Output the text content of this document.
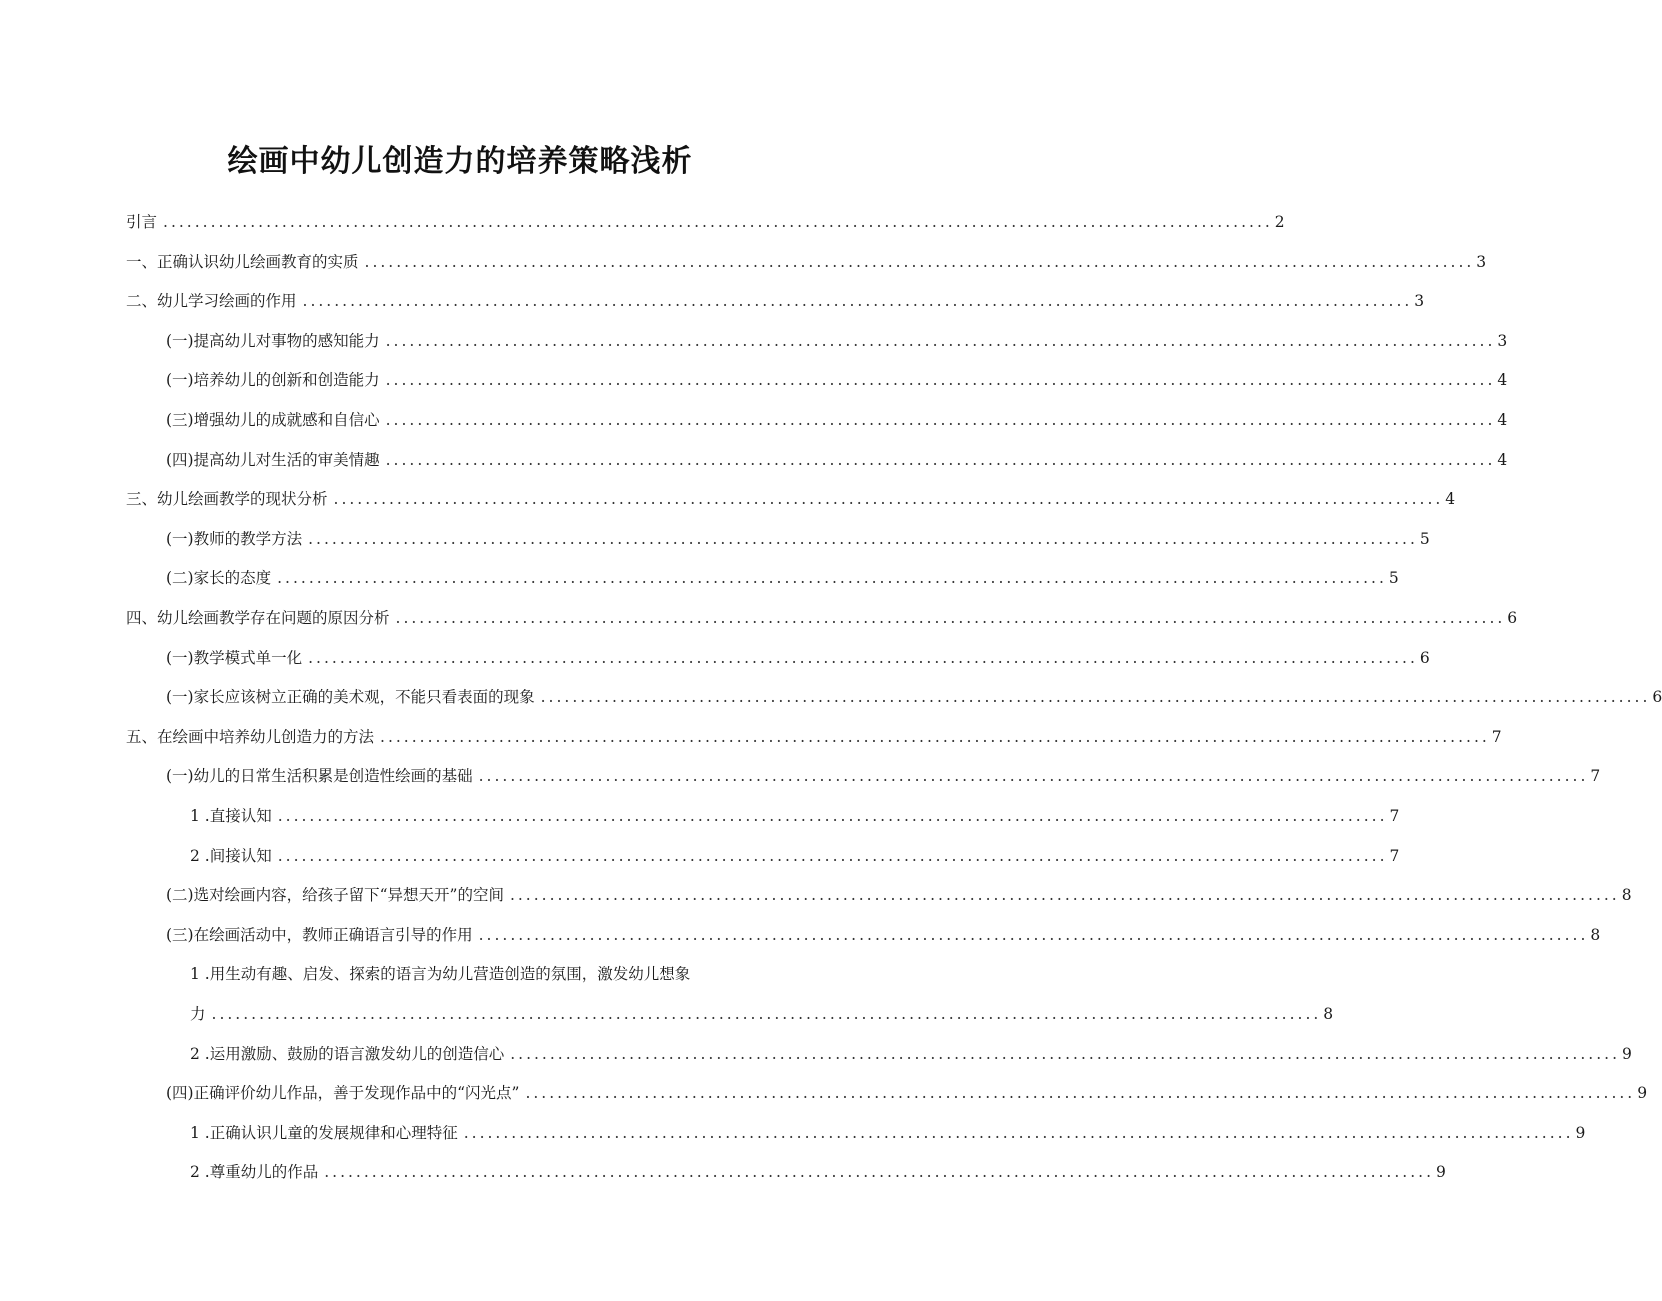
绘画中幼儿创造力的培养策略浅析
引言 ............................................................................................................................................ 2
一、正确认识幼儿绘画教育的实质 ............................................................................................................................................ 3
二、幼儿学习绘画的作用 ............................................................................................................................................ 3
(一)提高幼儿对事物的感知能力 ............................................................................................................................................ 3
(一)培养幼儿的创新和创造能力 ............................................................................................................................................ 4
(三)增强幼儿的成就感和自信心 ............................................................................................................................................ 4
(四)提高幼儿对生活的审美情趣 ............................................................................................................................................ 4
三、幼儿绘画教学的现状分析 ............................................................................................................................................ 4
(一)教师的教学方法 ............................................................................................................................................ 5
(二)家长的态度 ............................................................................................................................................ 5
四、幼儿绘画教学存在问题的原因分析 ............................................................................................................................................ 6
(一)教学模式单一化 ............................................................................................................................................ 6
(一)家长应该树立正确的美术观，不能只看表面的现象 ............................................................................................................................................ 6
五、在绘画中培养幼儿创造力的方法 ............................................................................................................................................ 7
(一)幼儿的日常生活积累是创造性绘画的基础 ............................................................................................................................................ 7
1 .直接认知 ............................................................................................................................................ 7
2 .间接认知 ............................................................................................................................................ 7
(二)选对绘画内容，给孩子留下“异想天开”的空间 ............................................................................................................................................ 8
(三)在绘画活动中，教师正确语言引导的作用 ............................................................................................................................................ 8
1 .用生动有趣、启发、探索的语言为幼儿营造创造的氛围，激发幼儿想象
力 ............................................................................................................................................ 8
2 .运用激励、鼓励的语言激发幼儿的创造信心 ............................................................................................................................................ 9
(四)正确评价幼儿作品，善于发现作品中的“闪光点” ............................................................................................................................................ 9
1 .正确认识儿童的发展规律和心理特征 ............................................................................................................................................ 9
2 .尊重幼儿的作品 ............................................................................................................................................ 9
